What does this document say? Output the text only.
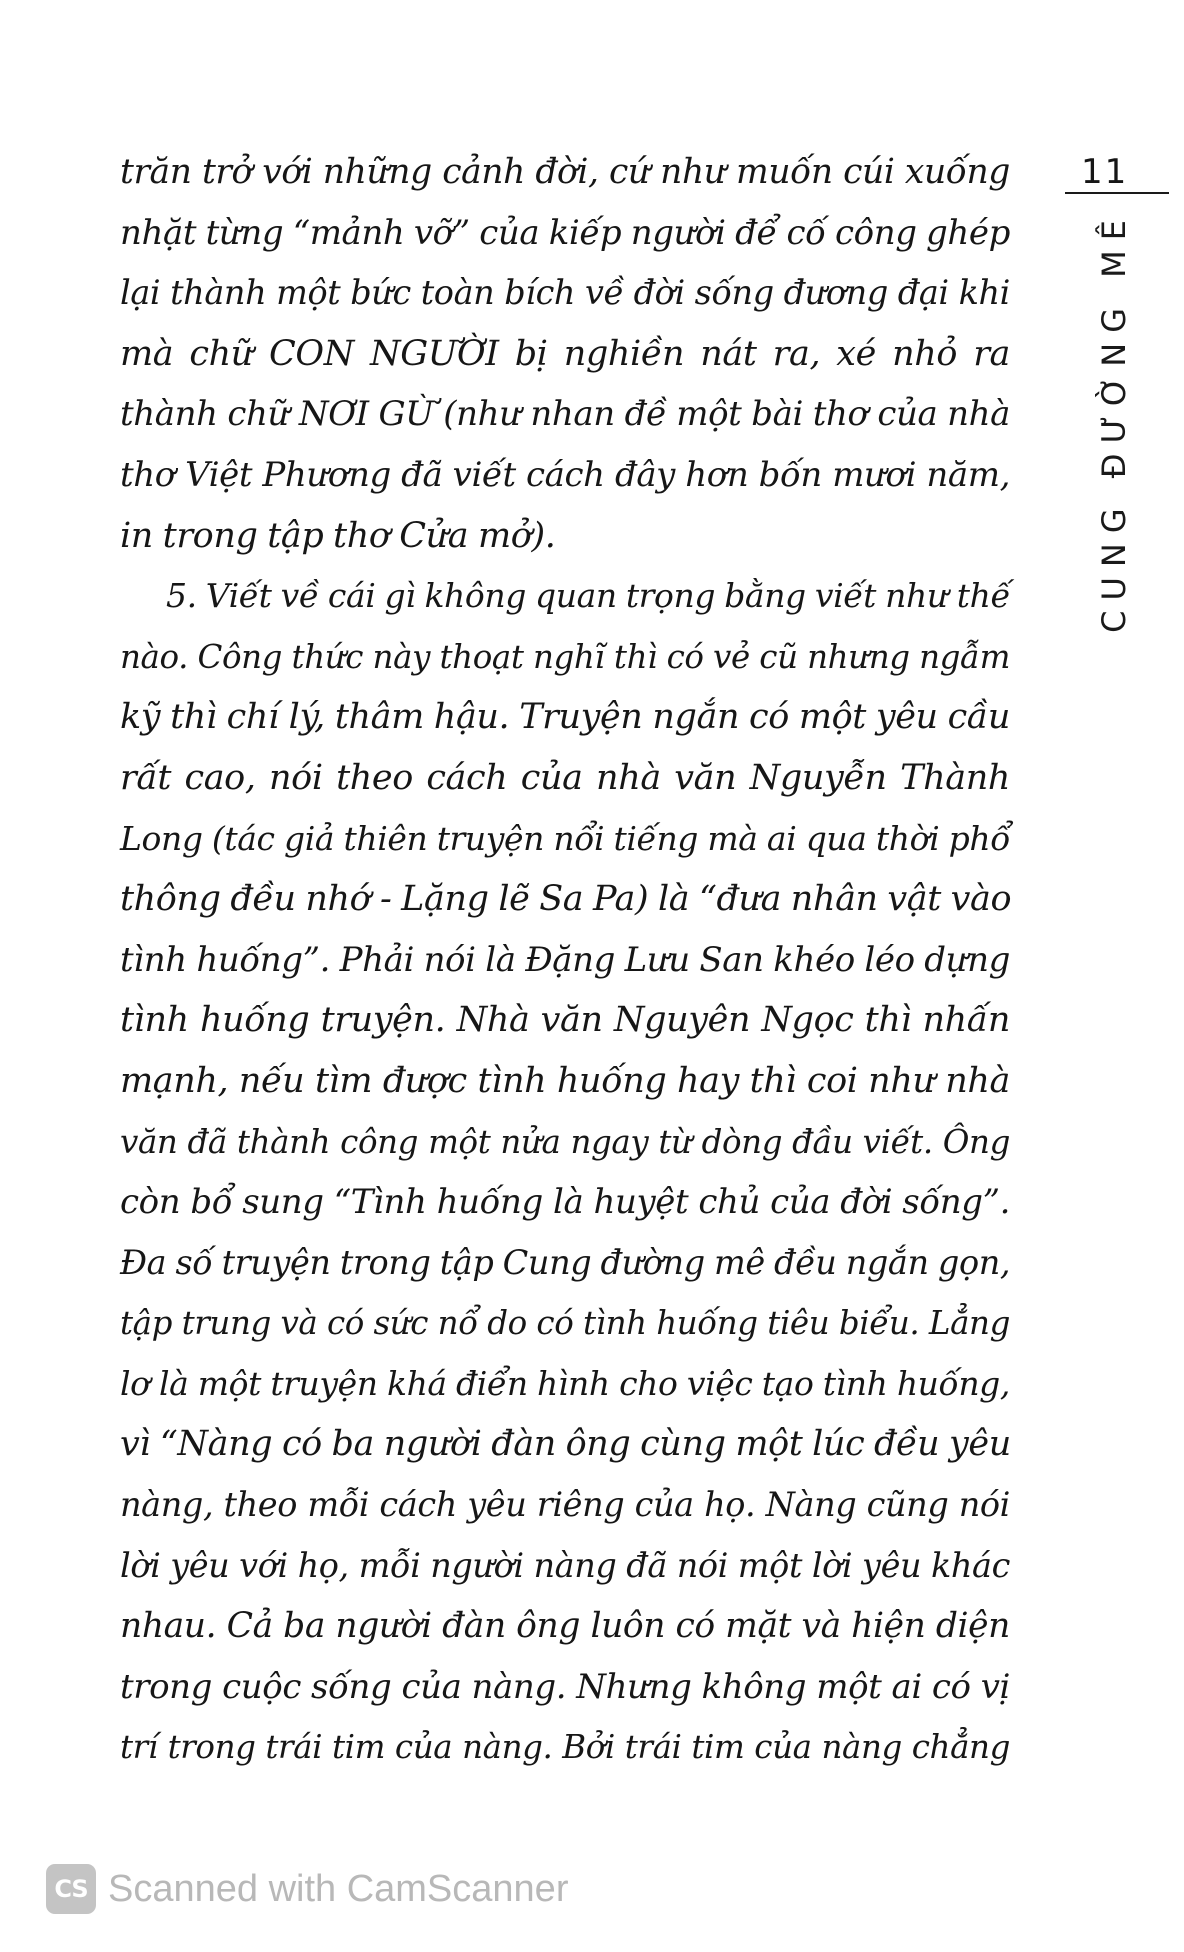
11
CUNG ĐƯỜNG MÊ
trăn trở với những cảnh đời, cứ như muốn cúi xuống
nhặt từng “mảnh vỡ” của kiếp người để cố công ghép
lại thành một bức toàn bích về đời sống đương đại khi
mà chữ CON NGƯỜI bị nghiền nát ra, xé nhỏ ra
thành chữ NƠI GỪ (như nhan đề một bài thơ của nhà
thơ Việt Phương đã viết cách đây hơn bốn mươi năm,
in trong tập thơ Cửa mở).
5. Viết về cái gì không quan trọng bằng viết như thế
nào. Công thức này thoạt nghĩ thì có vẻ cũ nhưng ngẫm
kỹ thì chí lý, thâm hậu. Truyện ngắn có một yêu cầu
rất cao, nói theo cách của nhà văn Nguyễn Thành
Long (tác giả thiên truyện nổi tiếng mà ai qua thời phổ
thông đều nhớ - Lặng lẽ Sa Pa) là “đưa nhân vật vào
tình huống”. Phải nói là Đặng Lưu San khéo léo dựng
tình huống truyện. Nhà văn Nguyên Ngọc thì nhấn
mạnh, nếu tìm được tình huống hay thì coi như nhà
văn đã thành công một nửa ngay từ dòng đầu viết. Ông
còn bổ sung “Tình huống là huyệt chủ của đời sống”.
Đa số truyện trong tập Cung đường mê đều ngắn gọn,
tập trung và có sức nổ do có tình huống tiêu biểu. Lẳng
lơ là một truyện khá điển hình cho việc tạo tình huống,
vì “Nàng có ba người đàn ông cùng một lúc đều yêu
nàng, theo mỗi cách yêu riêng của họ. Nàng cũng nói
lời yêu với họ, mỗi người nàng đã nói một lời yêu khác
nhau. Cả ba người đàn ông luôn có mặt và hiện diện
trong cuộc sống của nàng. Nhưng không một ai có vị
trí trong trái tim của nàng. Bởi trái tim của nàng chẳng
CS Scanned with CamScanner
